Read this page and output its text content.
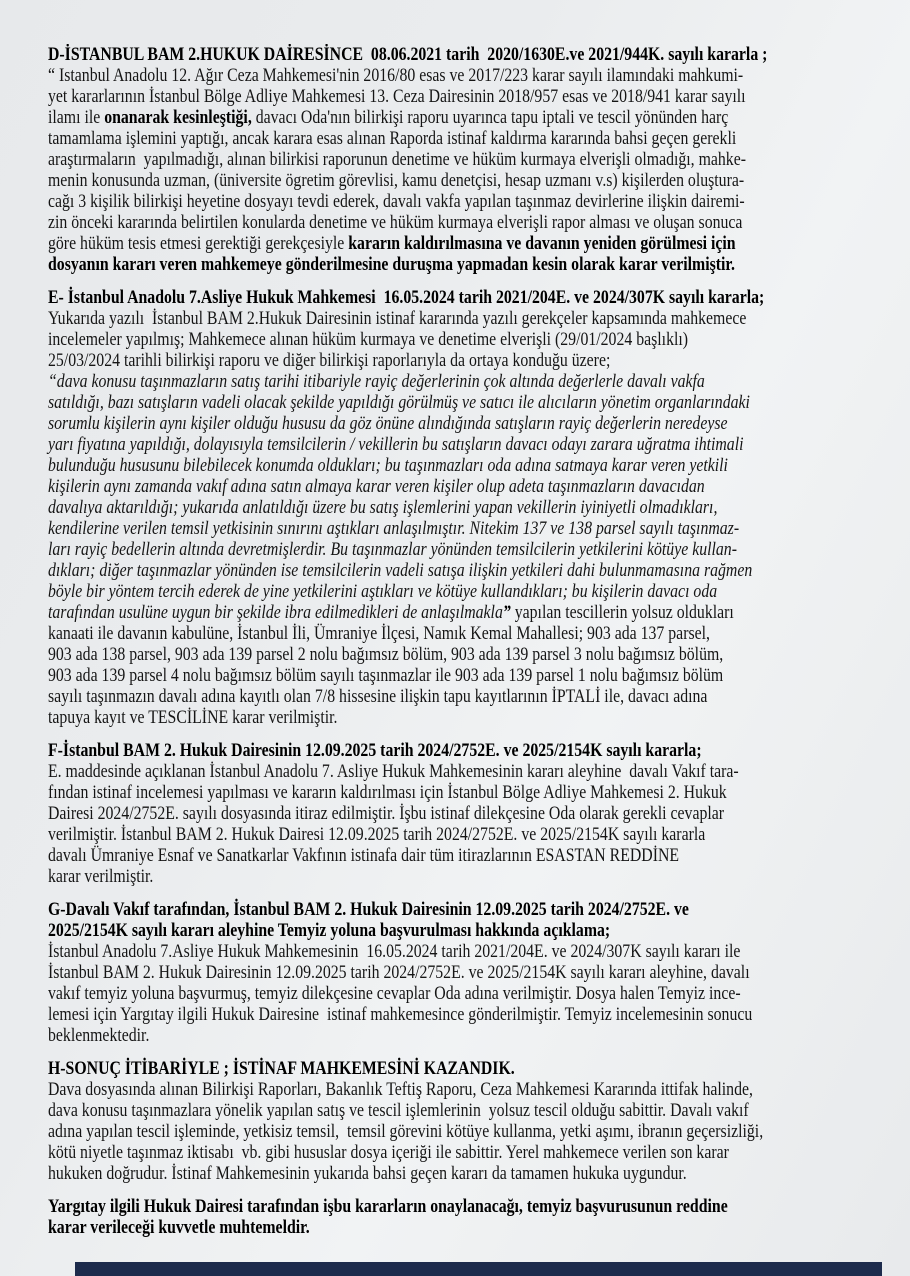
D-İSTANBUL BAM 2.HUKUK DAİRESİNCE  08.06.2021 tarih  2020/1630E.ve 2021/944K. sayılı kararla ;
“ Istanbul Anadolu 12. Ağır Ceza Mahkemesi'nin 2016/80 esas ve 2017/223 karar sayılı ilamındaki mahkumi-
yet kararlarının İstanbul Bölge Adliye Mahkemesi 13. Ceza Dairesinin 2018/957 esas ve 2018/941 karar sayılı
ilamı ile onanarak kesinleştiği, davacı Oda'nın bilirkişi raporu uyarınca tapu iptali ve tescil yönünden harç
tamamlama işlemini yaptığı, ancak karara esas alınan Raporda istinaf kaldırma kararında bahsi geçen gerekli
araştırmaların  yapılmadığı, alınan bilirkisi raporunun denetime ve hüküm kurmaya elverişli olmadığı, mahke-
menin konusunda uzman, (üniversite ögretim görevlisi, kamu denetçisi, hesap uzmanı v.s) kişilerden oluştura-
cağı 3 kişilik bilirkişi heyetine dosyayı tevdi ederek, davalı vakfa yapılan taşınmaz devirlerine ilişkin dairemi-
zin önceki kararında belirtilen konularda denetime ve hüküm kurmaya elverişli rapor alması ve oluşan sonuca
göre hüküm tesis etmesi gerektiği gerekçesiyle kararın kaldırılmasına ve davanın yeniden görülmesi için
dosyanın kararı veren mahkemeye gönderilmesine duruşma yapmadan kesin olarak karar verilmiştir.
E- İstanbul Anadolu 7.Asliye Hukuk Mahkemesi  16.05.2024 tarih 2021/204E. ve 2024/307K sayılı kararla;
Yukarıda yazılı  İstanbul BAM 2.Hukuk Dairesinin istinaf kararında yazılı gerekçeler kapsamında mahkemece
incelemeler yapılmış; Mahkemece alınan hüküm kurmaya ve denetime elverişli (29/01/2024 başlıklı)
25/03/2024 tarihli bilirkişi raporu ve diğer bilirkişi raporlarıyla da ortaya konduğu üzere;
“dava konusu taşınmazların satış tarihi itibariyle rayiç değerlerinin çok altında değerlerle davalı vakfa
satıldığı, bazı satışların vadeli olacak şekilde yapıldığı görülmüş ve satıcı ile alıcıların yönetim organlarındaki
sorumlu kişilerin aynı kişiler olduğu hususu da göz önüne alındığında satışların rayiç değerlerin neredeyse
yarı fiyatına yapıldığı, dolayısıyla temsilcilerin / vekillerin bu satışların davacı odayı zarara uğratma ihtimali
bulunduğu hususunu bilebilecek konumda oldukları; bu taşınmazları oda adına satmaya karar veren yetkili
kişilerin aynı zamanda vakıf adına satın almaya karar veren kişiler olup adeta taşınmazların davacıdan
davalıya aktarıldığı; yukarıda anlatıldığı üzere bu satış işlemlerini yapan vekillerin iyiniyetli olmadıkları,
kendilerine verilen temsil yetkisinin sınırını aştıkları anlaşılmıştır. Nitekim 137 ve 138 parsel sayılı taşınmaz-
ları rayiç bedellerin altında devretmişlerdir. Bu taşınmazlar yönünden temsilcilerin yetkilerini kötüye kullan-
dıkları; diğer taşınmazlar yönünden ise temsilcilerin vadeli satışa ilişkin yetkileri dahi bulunmamasına rağmen
böyle bir yöntem tercih ederek de yine yetkilerini aştıkları ve kötüye kullandıkları; bu kişilerin davacı oda
tarafından usulüne uygun bir şekilde ibra edilmedikleri de anlaşılmakla” yapılan tescillerin yolsuz oldukları
kanaati ile davanın kabulüne, İstanbul İli, Ümraniye İlçesi, Namık Kemal Mahallesi; 903 ada 137 parsel,
903 ada 138 parsel, 903 ada 139 parsel 2 nolu bağımsız bölüm, 903 ada 139 parsel 3 nolu bağımsız bölüm,
903 ada 139 parsel 4 nolu bağımsız bölüm sayılı taşınmazlar ile 903 ada 139 parsel 1 nolu bağımsız bölüm
sayılı taşınmazın davalı adına kayıtlı olan 7/8 hissesine ilişkin tapu kayıtlarının İPTALİ ile, davacı adına
tapuya kayıt ve TESCİLİNE karar verilmiştir.
F-İstanbul BAM 2. Hukuk Dairesinin 12.09.2025 tarih 2024/2752E. ve 2025/2154K sayılı kararla;
E. maddesinde açıklanan İstanbul Anadolu 7. Asliye Hukuk Mahkemesinin kararı aleyhine  davalı Vakıf tara-
fından istinaf incelemesi yapılması ve kararın kaldırılması için İstanbul Bölge Adliye Mahkemesi 2. Hukuk
Dairesi 2024/2752E. sayılı dosyasında itiraz edilmiştir. İşbu istinaf dilekçesine Oda olarak gerekli cevaplar
verilmiştir. İstanbul BAM 2. Hukuk Dairesi 12.09.2025 tarih 2024/2752E. ve 2025/2154K sayılı kararla
davalı Ümraniye Esnaf ve Sanatkarlar Vakfının istinafa dair tüm itirazlarının ESASTAN REDDİNE
karar verilmiştir.
G-Davalı Vakıf tarafından, İstanbul BAM 2. Hukuk Dairesinin 12.09.2025 tarih 2024/2752E. ve
2025/2154K sayılı kararı aleyhine Temyiz yoluna başvurulması hakkında açıklama;
İstanbul Anadolu 7.Asliye Hukuk Mahkemesinin  16.05.2024 tarih 2021/204E. ve 2024/307K sayılı kararı ile
İstanbul BAM 2. Hukuk Dairesinin 12.09.2025 tarih 2024/2752E. ve 2025/2154K sayılı kararı aleyhine, davalı
vakıf temyiz yoluna başvurmuş, temyiz dilekçesine cevaplar Oda adına verilmiştir. Dosya halen Temyiz ince-
lemesi için Yargıtay ilgili Hukuk Dairesine  istinaf mahkemesince gönderilmiştir. Temyiz incelemesinin sonucu
beklenmektedir.
H-SONUÇ İTİBARİYLE ; İSTİNAF MAHKEMESİNİ KAZANDIK.
Dava dosyasında alınan Bilirkişi Raporları, Bakanlık Teftiş Raporu, Ceza Mahkemesi Kararında ittifak halinde,
dava konusu taşınmazlara yönelik yapılan satış ve tescil işlemlerinin  yolsuz tescil olduğu sabittir. Davalı vakıf
adına yapılan tescil işleminde, yetkisiz temsil,  temsil görevini kötüye kullanma, yetki aşımı, ibranın geçersizliği,
kötü niyetle taşınmaz iktisabı  vb. gibi hususlar dosya içeriği ile sabittir. Yerel mahkemece verilen son karar
hukuken doğrudur. İstinaf Mahkemesinin yukarıda bahsi geçen kararı da tamamen hukuka uygundur.
Yargıtay ilgili Hukuk Dairesi tarafından işbu kararların onaylanacağı, temyiz başvurusunun reddine
karar verileceği kuvvetle muhtemeldir.
